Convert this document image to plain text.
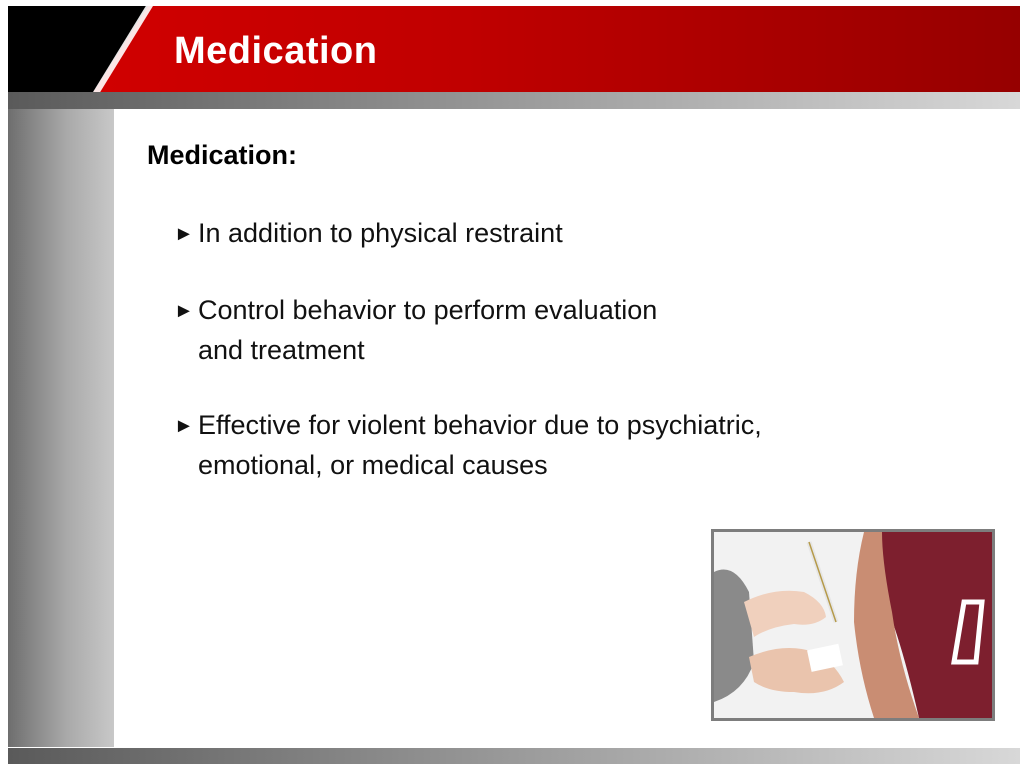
Medication
Medication:
► In addition to physical restraint
► Control behavior to perform evaluation
and treatment
► Effective for violent behavior due to psychiatric,
emotional, or medical causes
